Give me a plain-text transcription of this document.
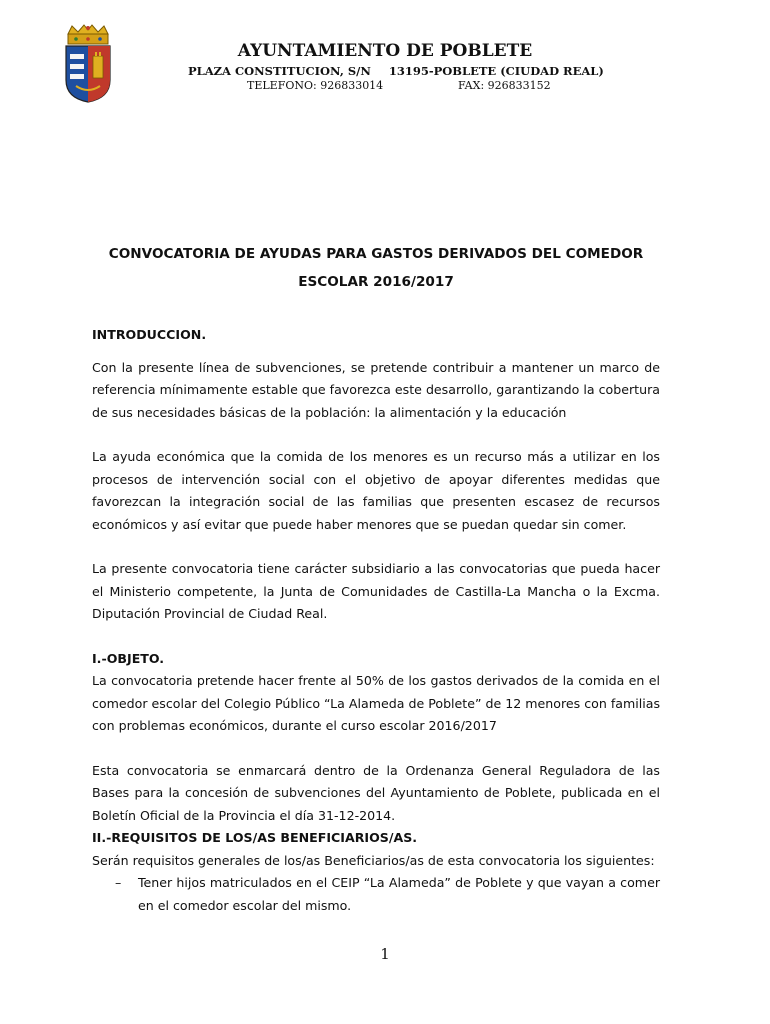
AYUNTAMIENTO DE POBLETE
PLAZA CONSTITUCION, S/N 13195-POBLETE (CIUDAD REAL)
TELEFONO: 926833014	FAX: 926833152
CONVOCATORIA DE AYUDAS PARA GASTOS DERIVADOS DEL COMEDOR
ESCOLAR 2016/2017

INTRODUCCION.

Con la presente línea de subvenciones, se pretende contribuir a mantener un marco de referencia mínimamente estable que favorezca este desarrollo, garantizando la cobertura de sus necesidades básicas de la población: la alimentación y la educación

La ayuda económica que la comida de los menores es un recurso más a utilizar en los procesos de intervención social con el objetivo de apoyar diferentes medidas que favorezcan la integración social de las familias que presenten escasez de recursos económicos y así evitar que puede haber menores que se puedan quedar sin comer.

La presente convocatoria tiene carácter subsidiario a las convocatorias que pueda hacer el Ministerio competente, la Junta de Comunidades de Castilla-La Mancha o la Excma. Diputación Provincial de Ciudad Real.

I.-OBJETO.

La convocatoria pretende hacer frente al 50% de los gastos derivados de la comida en el comedor escolar del Colegio Público “La Alameda de Poblete” de 12 menores con familias con problemas económicos, durante el curso escolar 2016/2017

Esta convocatoria se enmarcará dentro de la Ordenanza General Reguladora de las Bases para la concesión de subvenciones del Ayuntamiento de Poblete, publicada en el Boletín Oficial de la Provincia el día 31-12-2014.

II.-REQUISITOS DE LOS/AS BENEFICIARIOS/AS.

Serán requisitos generales de los/as Beneficiarios/as de esta convocatoria los siguientes:

– Tener hijos matriculados en el CEIP “La Alameda” de Poblete y que vayan a comer en el comedor escolar del mismo.
1
